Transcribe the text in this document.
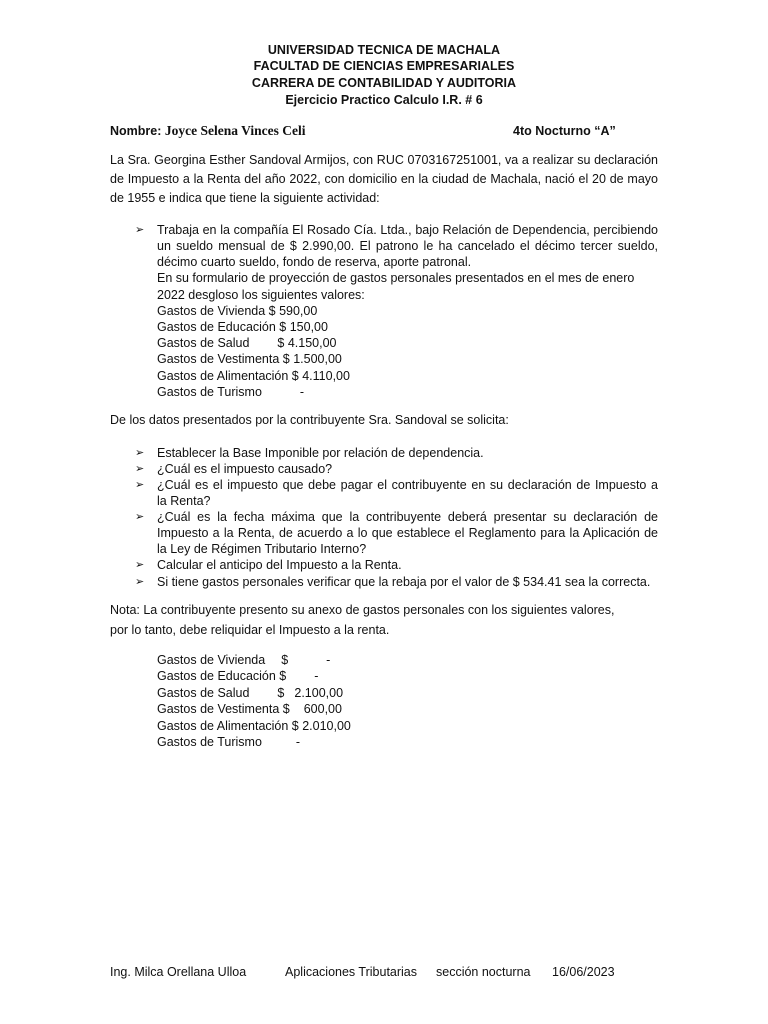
UNIVERSIDAD TECNICA DE MACHALA
FACULTAD DE CIENCIAS EMPRESARIALES
CARRERA DE CONTABILIDAD Y AUDITORIA
Ejercicio Practico Calculo I.R. # 6
Nombre: Joyce Selena Vinces Celi	4to Nocturno “A”
La Sra. Georgina Esther Sandoval Armijos, con RUC 0703167251001, va a realizar su declaración
de Impuesto a la Renta del año 2022, con domicilio en la ciudad de Machala, nació el 20 de mayo
de 1955 e indica que tiene la siguiente actividad:
➢ Trabaja en la compañía El Rosado Cía. Ltda., bajo Relación de Dependencia, percibiendo
un sueldo mensual de $ 2.990,00. El patrono le ha cancelado el décimo tercer sueldo,
décimo cuarto sueldo, fondo de reserva, aporte patronal.
En su formulario de proyección de gastos personales presentados en el mes de enero
2022 desgloso los siguientes valores:
Gastos de Vivienda $ 590,00
Gastos de Educación $ 150,00
Gastos de Salud $ 4.150,00
Gastos de Vestimenta $ 1.500,00
Gastos de Alimentación $ 4.110,00
Gastos de Turismo	-
De los datos presentados por la contribuyente Sra. Sandoval se solicita:
➢ Establecer la Base Imponible por relación de dependencia.
➢ ¿Cuál es el impuesto causado?
➢ ¿Cuál es el impuesto que debe pagar el contribuyente en su declaración de Impuesto a
la Renta?
➢ ¿Cuál es la fecha máxima que la contribuyente deberá presentar su declaración de
Impuesto a la Renta, de acuerdo a lo que establece el Reglamento para la Aplicación de
la Ley de Régimen Tributario Interno?
➢ Calcular el anticipo del Impuesto a la Renta.
➢ Si tiene gastos personales verificar que la rebaja por el valor de $ 534.41 sea la correcta.
Nota: La contribuyente presento su anexo de gastos personales con los siguientes valores,
por lo tanto, debe reliquidar el Impuesto a la renta.
Gastos de Vivienda $	-
Gastos de Educación $ -
Gastos de Salud $ 2.100,00
Gastos de Vestimenta $ 600,00
Gastos de Alimentación $ 2.010,00
Gastos de Turismo	-
Ing. Milca Orellana Ulloa	Aplicaciones Tributarias sección nocturna 16/06/2023
